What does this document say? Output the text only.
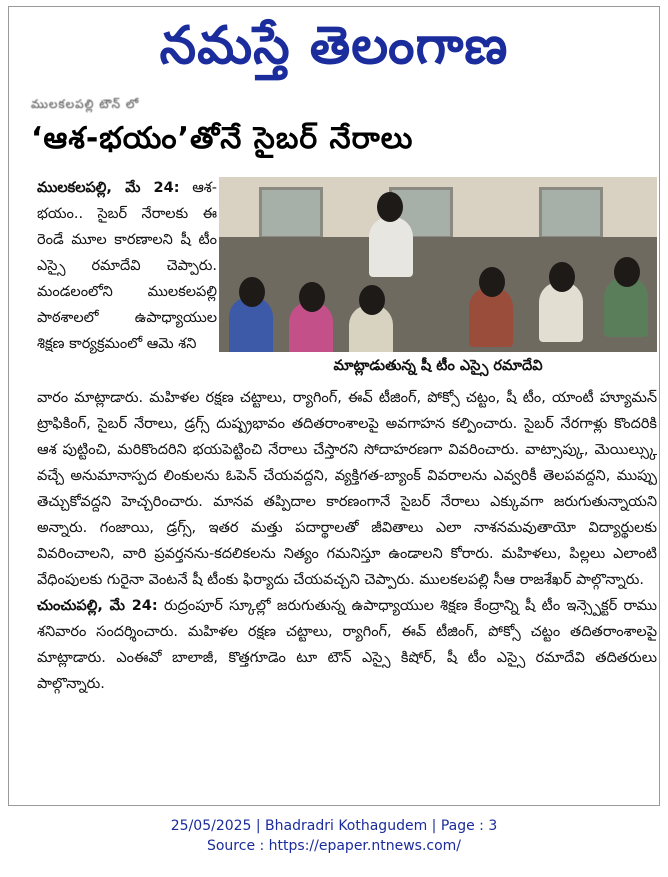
నమస్తే తెలంగాణ
ములకలపల్లి టౌన్ లో
‘ఆశ-భయం’తోనే సైబర్ నేరాలు

ములకలపల్లి, మే 24: ఆశ-భయం.. సైబర్ నేరాలకు ఈ రెండే మూల కారణాలని షీ టీం ఎస్సై రమాదేవి చెప్పారు. మండలంలోని ములకలపల్లి పాఠశాలలో ఉపాధ్యాయుల శిక్షణ కార్యక్రమంలో ఆమె శని

మాట్లాడుతున్న షీ టీం ఎస్సై రమాదేవి

వారం మాట్లాడారు. మహిళల రక్షణ చట్టాలు, ర్యాగింగ్, ఈవ్ టీజింగ్, పోక్సో చట్టం, షీ టీం, యాంటీ హ్యూమన్ ట్రాఫికింగ్, సైబర్ నేరాలు, డ్రగ్స్ దుష్ప్రభావం తదితరాంశాలపై అవగాహన కల్పించారు. సైబర్ నేరగాళ్లు కొందరికి ఆశ పుట్టించి, మరికొందరిని భయపెట్టించి నేరాలు చేస్తారని సోదాహరణగా వివరించారు. వాట్సాప్కు, మెయిల్స్కు వచ్చే అనుమానాస్పద లింకులను ఓపెన్ చేయవద్దని, వ్యక్తిగత-బ్యాంక్ వివరాలను ఎవ్వరికీ తెలపవద్దని, ముప్పు తెచ్చుకోవద్దని హెచ్చరించారు. మానవ తప్పిదాల కారణంగానే సైబర్ నేరాలు ఎక్కువగా జరుగుతున్నాయని అన్నారు. గంజాయి, డ్రగ్స్, ఇతర మత్తు పదార్థాలతో జీవితాలు ఎలా నాశనమవుతాయో విద్యార్థులకు వివరించాలని, వారి ప్రవర్తనను-కదలికలను నిత్యం గమనిస్తూ ఉండాలని కోరారు. మహిళలు, పిల్లలు ఎలాంటి వేధింపులకు గురైనా వెంటనే షీ టీంకు ఫిర్యాదు చేయవచ్చని చెప్పారు. ములకలపల్లి సీఆ రాజశేఖర్ పాల్గొన్నారు.

చుంచుపల్లి, మే 24: రుద్రంపూర్ స్కూల్లో జరుగుతున్న ఉపాధ్యాయుల శిక్షణ కేంద్రాన్ని షీ టీం ఇన్స్పెక్టర్ రాము శనివారం సందర్శించారు. మహిళల రక్షణ చట్టాలు, ర్యాగింగ్, ఈవ్ టీజింగ్, పోక్సో చట్టం తదితరాంశాలపై మాట్లాడారు. ఎంఈవో బాలాజీ, కొత్తగూడెం టూ టౌన్ ఎస్సై కిషోర్, షీ టీం ఎస్సై రమాదేవి తదితరులు పాల్గొన్నారు.

25/05/2025 | Bhadradri Kothagudem | Page : 3
Source : https://epaper.ntnews.com/
